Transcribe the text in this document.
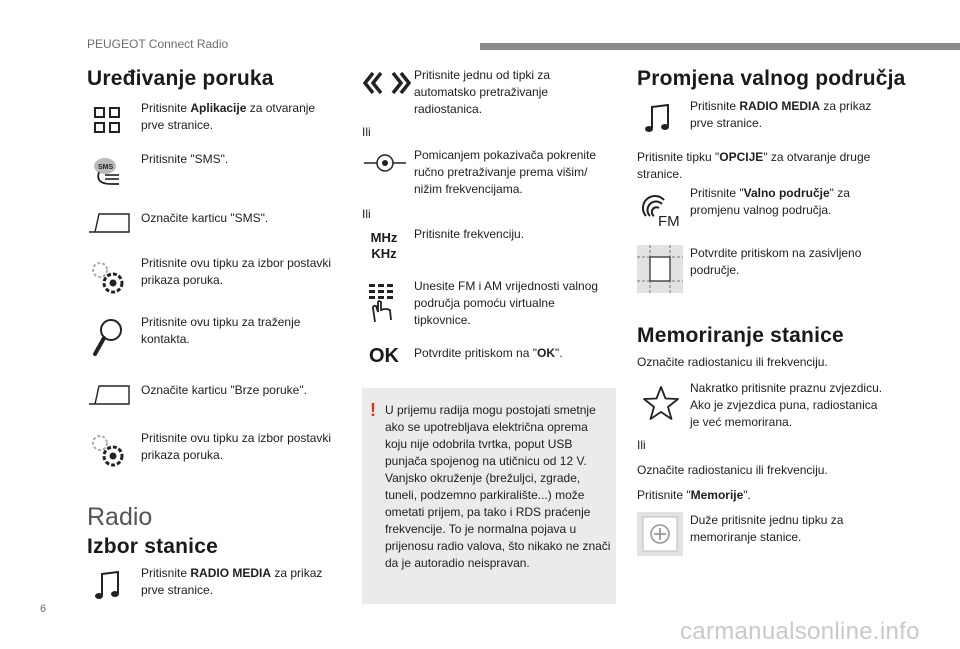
PEUGEOT Connect Radio
Uređivanje poruka
Pritisnite Aplikacije za otvaranje prve stranice.
SMS
Pritisnite "SMS".
Označite karticu "SMS".
Pritisnite ovu tipku za izbor postavki prikaza poruka.
Pritisnite ovu tipku za traženje kontakta.
Označite karticu "Brze poruke".
Pritisnite ovu tipku za izbor postavki prikaza poruka.
Radio
Izbor stanice
Pritisnite RADIO MEDIA za prikaz prve stranice.
Pritisnite jednu od tipki za automatsko pretraživanje radiostanica.
Ili
Pomicanjem pokazivača pokrenite ručno pretraživanje prema višim/ nižim frekvencijama.
Ili
MHz
KHz
Pritisnite frekvenciju.
Unesite FM i AM vrijednosti valnog područja pomoću virtualne tipkovnice.
OK	Potvrdite pritiskom na "OK".
! U prijemu radija mogu postojati smetnje ako se upotrebljava električna oprema koju nije odobrila tvrtka, poput USB punjača spojenog na utičnicu od 12 V. Vanjsko okruženje (brežuljci, zgrade, tuneli, podzemno parkiralište...) može ometati prijem, pa tako i RDS praćenje frekvencije. To je normalna pojava u prijenosu radio valova, što nikako ne znači da je autoradio neispravan.
Promjena valnog područja
Pritisnite RADIO MEDIA za prikaz prve stranice.
Pritisnite tipku "OPCIJE" za otvaranje druge stranice.
FM
Pritisnite "Valno područje" za promjenu valnog područja.
Potvrdite pritiskom na zasivljeno područje.
Memoriranje stanice
Označite radiostanicu ili frekvenciju.
Nakratko pritisnite praznu zvjezdicu. Ako je zvjezdica puna, radiostanica je već memorirana.
Ili
Označite radiostanicu ili frekvenciju.
Pritisnite "Memorije".
Duže pritisnite jednu tipku za memoriranje stanice.
6
carmanualsonline.info
